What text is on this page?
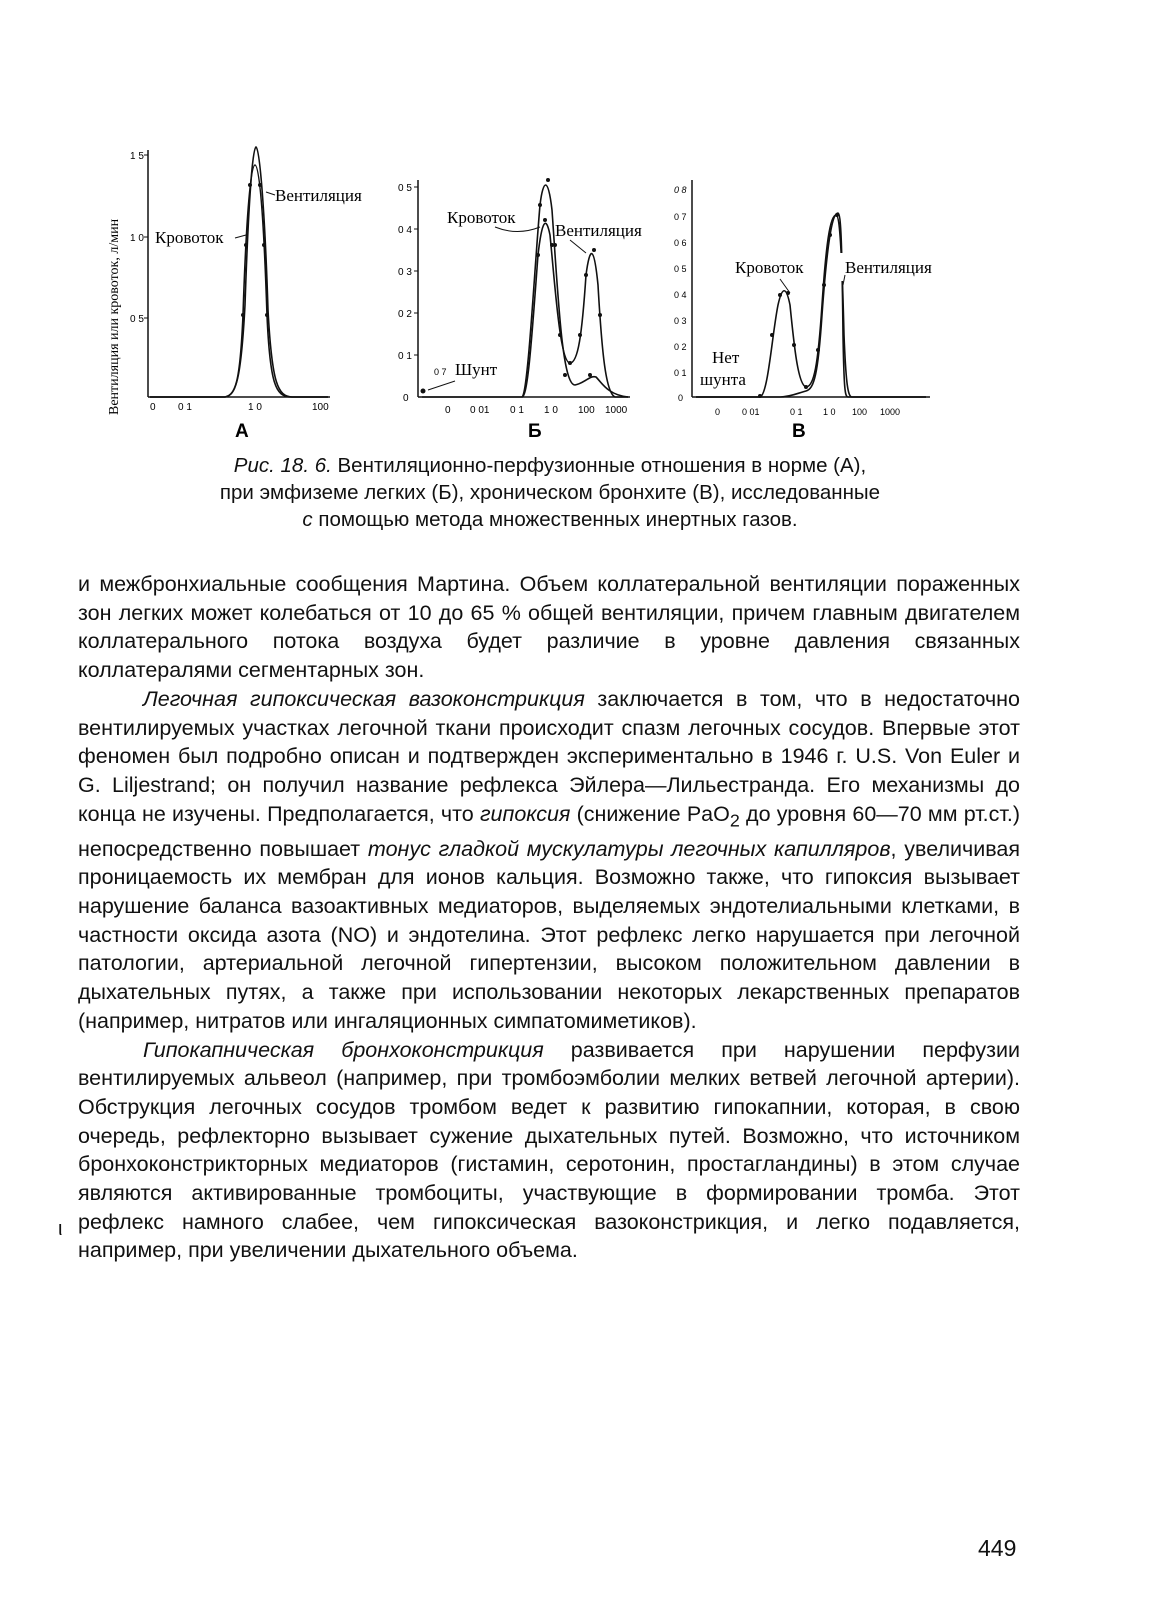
Вентиляция или кровоток, л/мин
1 5
1 0
0 5
0 0 1	1 0	100
Кровоток
Вентиляция
А
0 5
0 4
0 3
0 2
0 1
0
0 0 01 0 1 1 0 100 1000
Кровоток
Вентиляция
0 7 Шунт
Б
0 8
0 7
0 6
0 5
0 4
0 3
0 2
0 1
0
0 0 01	0 1 1 0 100 1000
Кровоток Вентиляция
Нет
шунта
В
Рис. 18. 6. Вентиляционно-перфузионные отношения в норме (А),
при эмфиземе легких (Б), хроническом бронхите (В), исследованные
с помощью метода множественных инертных газов.

и межбронхиальные сообщения Мартина. Объем коллатеральной вентиляции пораженных зон легких может колебаться от 10 до 65 % общей вентиляции, причем главным двигателем коллатерального потока воздуха будет различие в уровне давления связанных коллатералями сегментарных зон.

Легочная гипоксическая вазоконстрикция заключается в том, что в недостаточно вентилируемых участках легочной ткани происходит спазм легочных сосудов. Впервые этот феномен был подробно описан и подтвержден экспериментально в 1946 г. U.S. Von Euler и G. Liljestrand; он получил название рефлекса Эйлера—Лильестранда. Его механизмы до конца не изучены. Предполагается, что гипоксия (снижение PaO$_2$ до уровня 60—70 мм рт.ст.) непосредственно повышает тонус гладкой мускулатуры легочных капилляров, увеличивая проницаемость их мембран для ионов кальция. Возможно также, что гипоксия вызывает нарушение баланса вазоактивных медиаторов, выделяемых эндотелиальными клетками, в частности оксида азота (NO) и эндотелина. Этот рефлекс легко нарушается при легочной патологии, артериальной легочной гипертензии, высоком положительном давлении в дыхательных путях, а также при использовании некоторых лекарственных препаратов (например, нитратов или ингаляционных симпатомиметиков).

Гипокапническая бронхоконстрикция развивается при нарушении перфузии вентилируемых альвеол (например, при тромбоэмболии мелких ветвей легочной артерии). Обструкция легочных сосудов тромбом ведет к развитию гипокапнии, которая, в свою очередь, рефлекторно вызывает сужение дыхательных путей. Возможно, что источником бронхоконстрикторных медиаторов (гистамин, серотонин, простагландины) в этом случае являются активированные тромбоциты, участвующие в формировании тромба. Этот рефлекс намного слабее, чем гипоксическая вазоконстрикция, и легко подавляется, например, при увеличении дыхательного объема.

ι
449
